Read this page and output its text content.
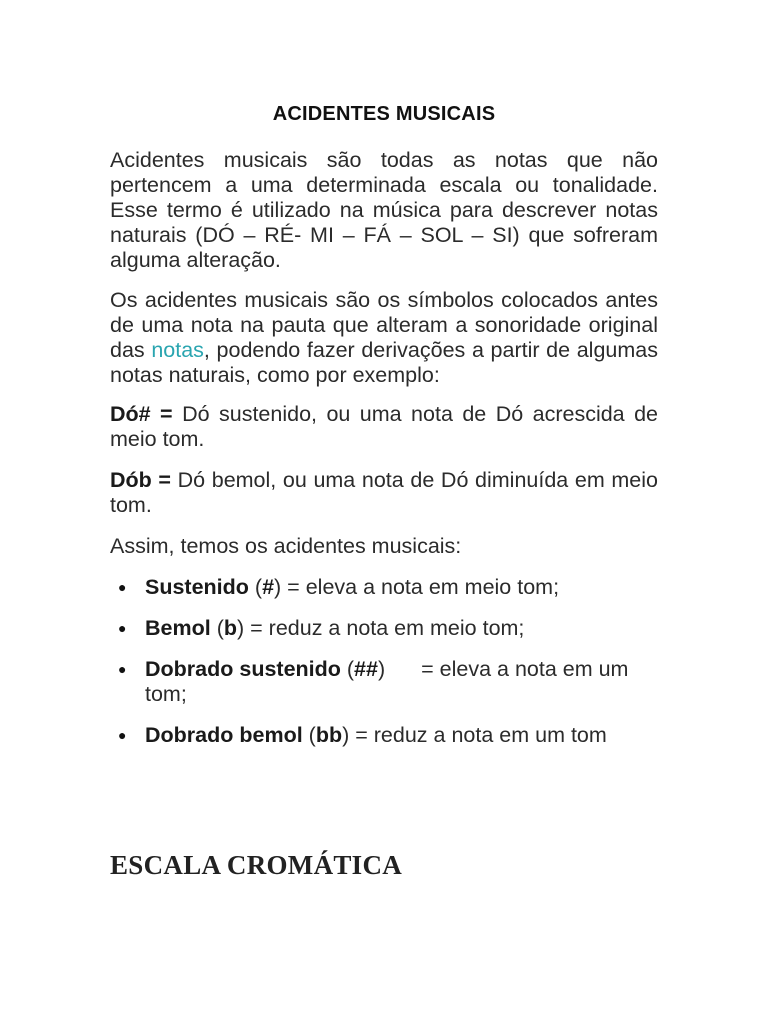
ACIDENTES MUSICAIS

Acidentes musicais são todas as notas que não pertencem a uma determinada escala ou tonalidade. Esse termo é utilizado na música para descrever notas naturais (DÓ – RÉ- MI – FÁ – SOL – SI) que sofreram alguma alteração.

Os acidentes musicais são os símbolos colocados antes de uma nota na pauta que alteram a sonoridade original das notas, podendo fazer derivações a partir de algumas notas naturais, como por exemplo:

Dó# = Dó sustenido, ou uma nota de Dó acrescida de meio tom.

Dób = Dó bemol, ou uma nota de Dó diminuída em meio tom.

Assim, temos os acidentes musicais:

● Sustenido (#) = eleva a nota em meio tom;
● Bemol (b) = reduz a nota em meio tom;
● Dobrado sustenido (##) = eleva a nota em um tom;
● Dobrado bemol (bb) = reduz a nota em um tom
ESCALA CROMÁTICA
